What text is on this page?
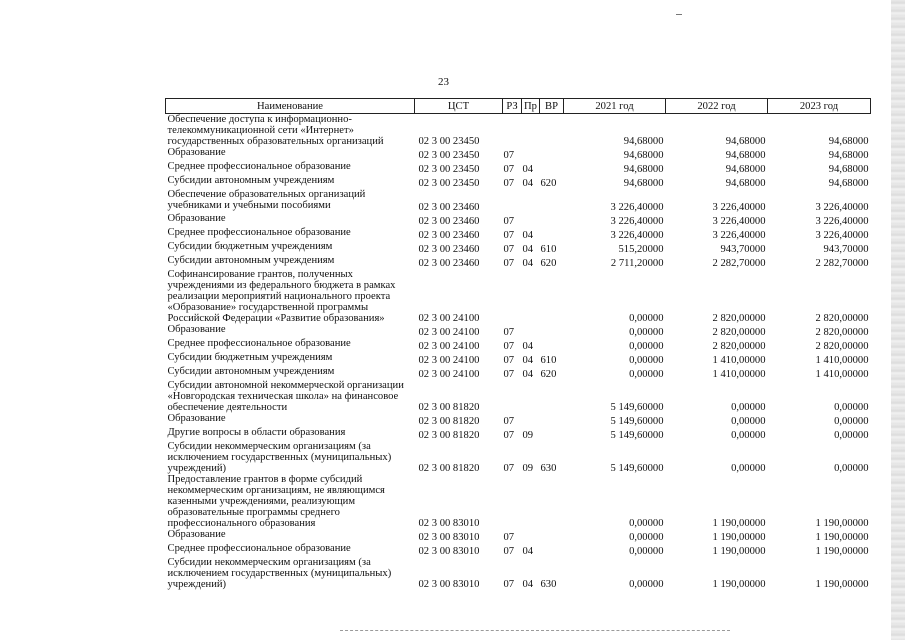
23
Наименование	ЦСТ	РЗ	Пр	ВР	2021 год	2022 год	2023 год
Обеспечение доступа к информационно-телекоммуникационной сети «Интернет» государственных образовательных организаций	02 3 00 23450				94,68000	94,68000	94,68000
Образование	02 3 00 23450	07			94,68000	94,68000	94,68000
Среднее профессиональное образование	02 3 00 23450	07	04		94,68000	94,68000	94,68000
Субсидии автономным учреждениям	02 3 00 23450	07	04	620	94,68000	94,68000	94,68000
Обеспечение образовательных организаций учебниками и учебными пособиями	02 3 00 23460				3 226,40000	3 226,40000	3 226,40000
Образование	02 3 00 23460	07			3 226,40000	3 226,40000	3 226,40000
Среднее профессиональное образование	02 3 00 23460	07	04		3 226,40000	3 226,40000	3 226,40000
Субсидии бюджетным учреждениям	02 3 00 23460	07	04	610	515,20000	943,70000	943,70000
Субсидии автономным учреждениям	02 3 00 23460	07	04	620	2 711,20000	2 282,70000	2 282,70000
Софинансирование грантов, полученных учреждениями из федерального бюджета в рамках реализации мероприятий национального проекта «Образование» государственной программы Российской Федерации «Развитие образования»	02 3 00 24100				0,00000	2 820,00000	2 820,00000
Образование	02 3 00 24100	07			0,00000	2 820,00000	2 820,00000
Среднее профессиональное образование	02 3 00 24100	07	04		0,00000	2 820,00000	2 820,00000
Субсидии бюджетным учреждениям	02 3 00 24100	07	04	610	0,00000	1 410,00000	1 410,00000
Субсидии автономным учреждениям	02 3 00 24100	07	04	620	0,00000	1 410,00000	1 410,00000
Субсидии автономной некоммерческой организации «Новгородская техническая школа» на финансовое обеспечение деятельности	02 3 00 81820				5 149,60000	0,00000	0,00000
Образование	02 3 00 81820	07			5 149,60000	0,00000	0,00000
Другие вопросы в области образования	02 3 00 81820	07	09		5 149,60000	0,00000	0,00000
Субсидии некоммерческим организациям (за исключением государственных (муниципальных) учреждений)	02 3 00 81820	07	09	630	5 149,60000	0,00000	0,00000
Предоставление грантов в форме субсидий некоммерческим организациям, не являющимся казенными учреждениями, реализующим образовательные программы среднего профессионального образования	02 3 00 83010				0,00000	1 190,00000	1 190,00000
Образование	02 3 00 83010	07			0,00000	1 190,00000	1 190,00000
Среднее профессиональное образование	02 3 00 83010	07	04		0,00000	1 190,00000	1 190,00000
Субсидии некоммерческим организациям (за исключением государственных (муниципальных) учреждений)	02 3 00 83010	07	04	630	0,00000	1 190,00000	1 190,00000
